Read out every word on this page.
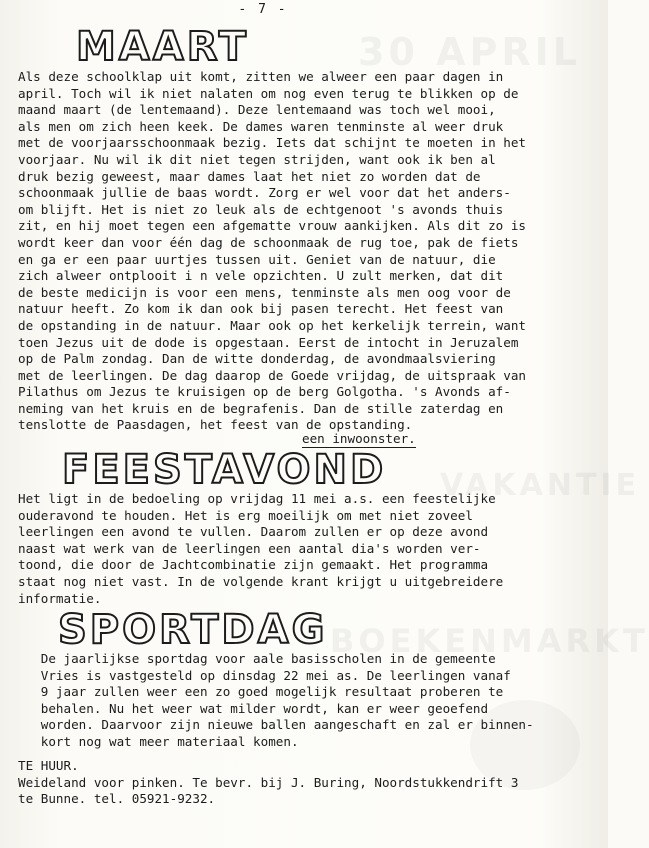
30 APRIL
VAKANTIE
BOEKENMARKT
- 7 -
MAART
Als deze schoolklap uit komt, zitten we alweer een paar dagen in
april. Toch wil ik niet nalaten om nog even terug te blikken op de
maand maart (de lentemaand). Deze lentemaand was toch wel mooi,
als men om zich heen keek. De dames waren tenminste al weer druk
met de voorjaarsschoonmaak bezig. Iets dat schijnt te moeten in het
voorjaar. Nu wil ik dit niet tegen strijden, want ook ik ben al
druk bezig geweest, maar dames laat het niet zo worden dat de
schoonmaak jullie de baas wordt. Zorg er wel voor dat het anders-
om blijft. Het is niet zo leuk als de echtgenoot 's avonds thuis
zit, en hij moet tegen een afgematte vrouw aankijken. Als dit zo is
wordt keer dan voor één dag de schoonmaak de rug toe, pak de fiets
en ga er een paar uurtjes tussen uit. Geniet van de natuur, die
zich alweer ontplooit i n vele opzichten. U zult merken, dat dit
de beste medicijn is voor een mens, tenminste als men oog voor de
natuur heeft. Zo kom ik dan ook bij pasen terecht. Het feest van
de opstanding in de natuur. Maar ook op het kerkelijk terrein, want
toen Jezus uit de dode is opgestaan. Eerst de intocht in Jeruzalem
op de Palm zondag. Dan de witte donderdag, de avondmaalsviering
met de leerlingen. De dag daarop de Goede vrijdag, de uitspraak van
Pilathus om Jezus te kruisigen op de berg Golgotha. 's Avonds af-
neming van het kruis en de begrafenis. Dan de stille zaterdag en
tenslotte de Paasdagen, het feest van de opstanding.
een inwoonster.
FEESTAVOND
Het ligt in de bedoeling op vrijdag 11 mei a.s. een feestelijke
ouderavond te houden. Het is erg moeilijk om met niet zoveel
leerlingen een avond te vullen. Daarom zullen er op deze avond
naast wat werk van de leerlingen een aantal dia's worden ver-
toond, die door de Jachtcombinatie zijn gemaakt. Het programma
staat nog niet vast. In de volgende krant krijgt u uitgebreidere
informatie.
SPORTDAG
De jaarlijkse sportdag voor aale basisscholen in de gemeente
Vries is vastgesteld op dinsdag 22 mei as. De leerlingen vanaf
9 jaar zullen weer een zo goed mogelijk resultaat proberen te
behalen. Nu het weer wat milder wordt, kan er weer geoefend
worden. Daarvoor zijn nieuwe ballen aangeschaft en zal er binnen-
kort nog wat meer materiaal komen.
TE HUUR.
Weideland voor pinken. Te bevr. bij J. Buring, Noordstukkendrift 3
te Bunne. tel. 05921-9232.
